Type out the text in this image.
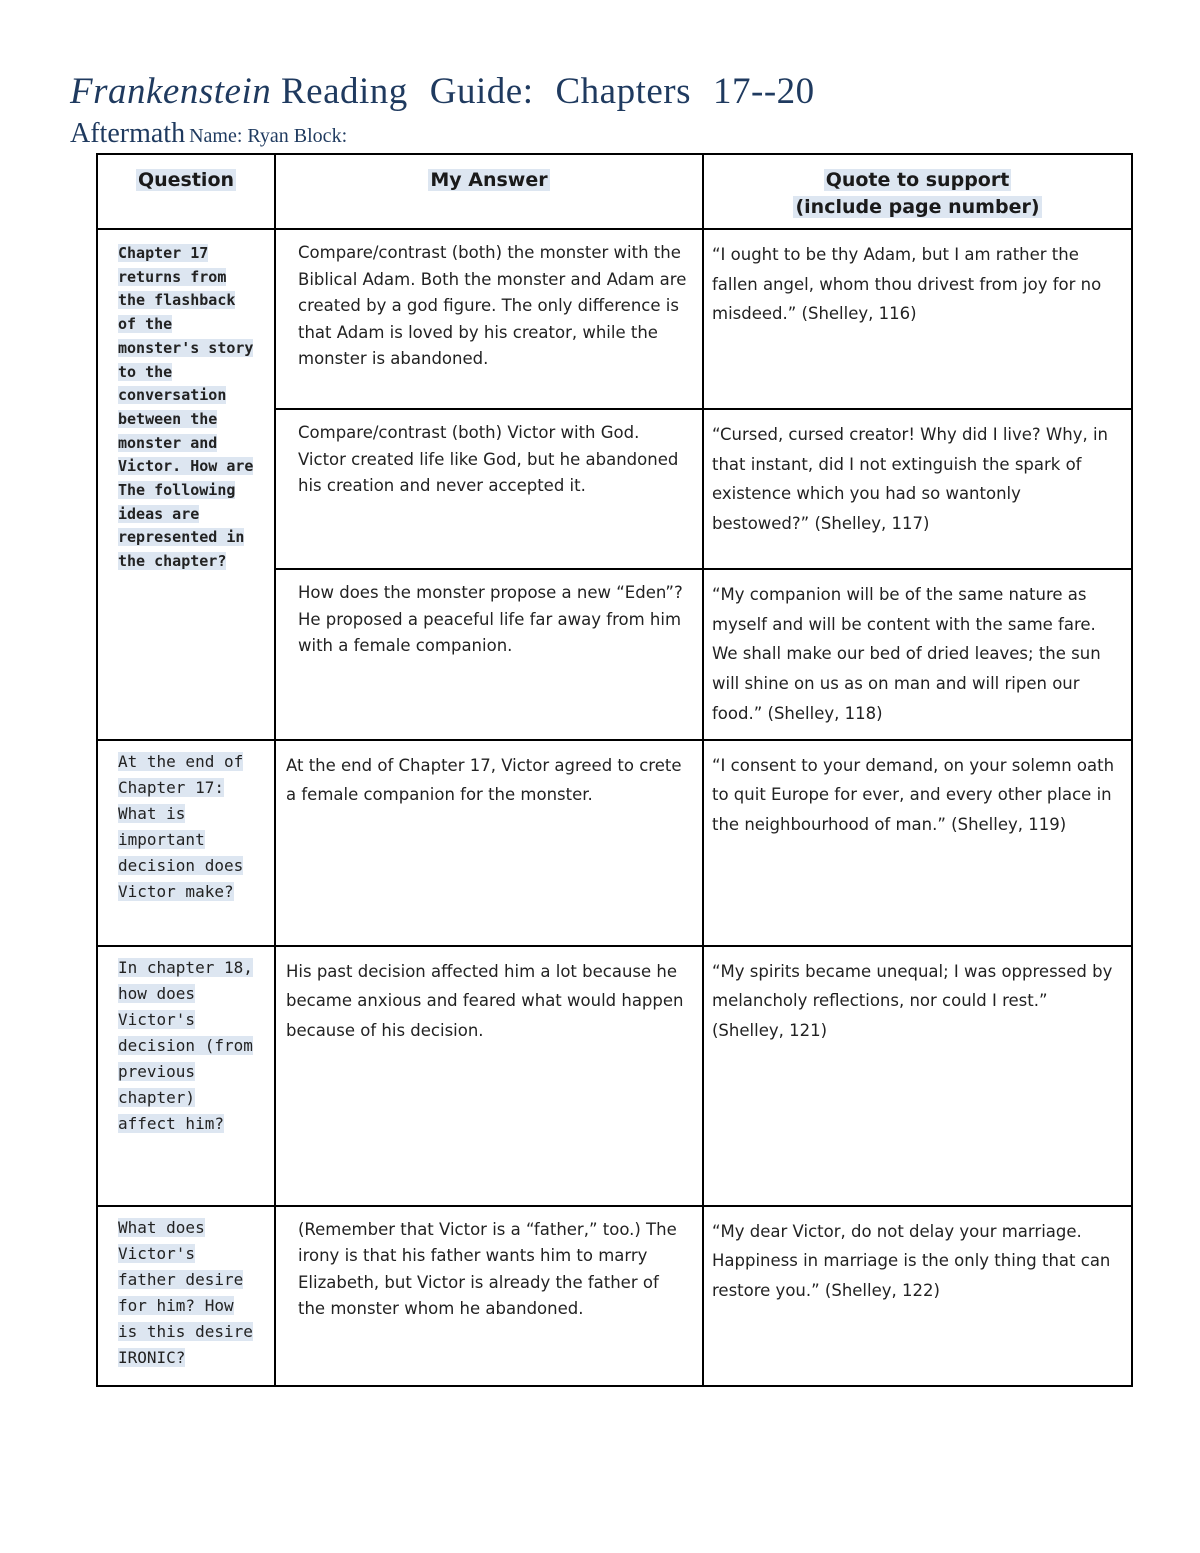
Frankenstein Reading Guide: Chapters 17--20
Aftermath Name: Ryan Block:
Question	My Answer	Quote to support
(include page number)

Chapter 17 returns from the flashback of the monster's story to the conversation between the monster and Victor. How are The following ideas are represented in the chapter?	Compare/contrast (both) the monster with the Biblical Adam. Both the monster and Adam are created by a god figure. The only difference is that Adam is loved by his creator, while the monster is abandoned.	“I ought to be thy Adam, but I am rather the fallen angel, whom thou drivest from joy for no misdeed.” (Shelley, 116)

	Compare/contrast (both) Victor with God. Victor created life like God, but he abandoned his creation and never accepted it.	“Cursed, cursed creator! Why did I live? Why, in that instant, did I not extinguish the spark of existence which you had so wantonly bestowed?” (Shelley, 117)

	How does the monster propose a new “Eden”? He proposed a peaceful life far away from him with a female companion.	“My companion will be of the same nature as myself and will be content with the same fare. We shall make our bed of dried leaves; the sun will shine on us as on man and will ripen our food.” (Shelley, 118)

At the end of Chapter 17: What is important decision does Victor make?	At the end of Chapter 17, Victor agreed to crete a female companion for the monster.	“I consent to your demand, on your solemn oath to quit Europe for ever, and every other place in the neighbourhood of man.” (Shelley, 119)

In chapter 18, how does Victor's decision (from previous chapter) affect him?	His past decision affected him a lot because he became anxious and feared what would happen because of his decision.	“My spirits became unequal; I was oppressed by melancholy reflections, nor could I rest.” (Shelley, 121)

What does Victor's father desire for him? How is this desire IRONIC?	(Remember that Victor is a “father,” too.) The irony is that his father wants him to marry Elizabeth, but Victor is already the father of the monster whom he abandoned.	“My dear Victor, do not delay your marriage. Happiness in marriage is the only thing that can restore you.” (Shelley, 122)
